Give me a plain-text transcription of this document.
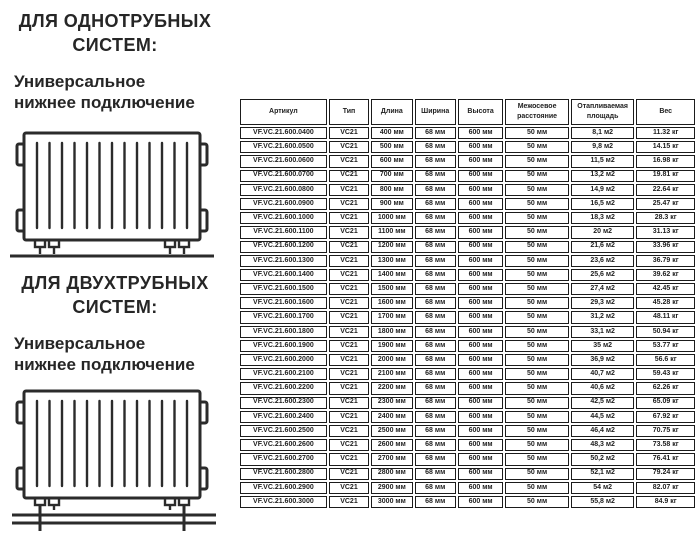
ДЛЯ ОДНОТРУБНЫХ СИСТЕМ:
Универсальное нижнее подключение
ДЛЯ ДВУХТРУБНЫХ СИСТЕМ:
Универсальное нижнее подключение
Артикул	Тип	Длина	Ширина	Высота	Межосевое расстояние	Отапливаемая площадь	Вес
VF.VC.21.600.0400	VC21	400 мм	68 мм	600 мм	50 мм	8,1 м2	11.32 кг
VF.VC.21.600.0500	VC21	500 мм	68 мм	600 мм	50 мм	9,8 м2	14.15 кг
VF.VC.21.600.0600	VC21	600 мм	68 мм	600 мм	50 мм	11,5 м2	16.98 кг
VF.VC.21.600.0700	VC21	700 мм	68 мм	600 мм	50 мм	13,2 м2	19.81 кг
VF.VC.21.600.0800	VC21	800 мм	68 мм	600 мм	50 мм	14,9 м2	22.64 кг
VF.VC.21.600.0900	VC21	900 мм	68 мм	600 мм	50 мм	16,5 м2	25.47 кг
VF.VC.21.600.1000	VC21	1000 мм	68 мм	600 мм	50 мм	18,3 м2	28.3 кг
VF.VC.21.600.1100	VC21	1100 мм	68 мм	600 мм	50 мм	20 м2	31.13 кг
VF.VC.21.600.1200	VC21	1200 мм	68 мм	600 мм	50 мм	21,6 м2	33.96 кг
VF.VC.21.600.1300	VC21	1300 мм	68 мм	600 мм	50 мм	23,6 м2	36.79 кг
VF.VC.21.600.1400	VC21	1400 мм	68 мм	600 мм	50 мм	25,6 м2	39.62 кг
VF.VC.21.600.1500	VC21	1500 мм	68 мм	600 мм	50 мм	27,4 м2	42.45 кг
VF.VC.21.600.1600	VC21	1600 мм	68 мм	600 мм	50 мм	29,3 м2	45.28 кг
VF.VC.21.600.1700	VC21	1700 мм	68 мм	600 мм	50 мм	31,2 м2	48.11 кг
VF.VC.21.600.1800	VC21	1800 мм	68 мм	600 мм	50 мм	33,1 м2	50.94 кг
VF.VC.21.600.1900	VC21	1900 мм	68 мм	600 мм	50 мм	35 м2	53.77 кг
VF.VC.21.600.2000	VC21	2000 мм	68 мм	600 мм	50 мм	36,9 м2	56.6 кг
VF.VC.21.600.2100	VC21	2100 мм	68 мм	600 мм	50 мм	40,7 м2	59.43 кг
VF.VC.21.600.2200	VC21	2200 мм	68 мм	600 мм	50 мм	40,6 м2	62.26 кг
VF.VC.21.600.2300	VC21	2300 мм	68 мм	600 мм	50 мм	42,5 м2	65.09 кг
VF.VC.21.600.2400	VC21	2400 мм	68 мм	600 мм	50 мм	44,5 м2	67.92 кг
VF.VC.21.600.2500	VC21	2500 мм	68 мм	600 мм	50 мм	46,4 м2	70.75 кг
VF.VC.21.600.2600	VC21	2600 мм	68 мм	600 мм	50 мм	48,3 м2	73.58 кг
VF.VC.21.600.2700	VC21	2700 мм	68 мм	600 мм	50 мм	50,2 м2	76.41 кг
VF.VC.21.600.2800	VC21	2800 мм	68 мм	600 мм	50 мм	52,1 м2	79.24 кг
VF.VC.21.600.2900	VC21	2900 мм	68 мм	600 мм	50 мм	54 м2	82.07 кг
VF.VC.21.600.3000	VC21	3000 мм	68 мм	600 мм	50 мм	55,8 м2	84.9 кг
